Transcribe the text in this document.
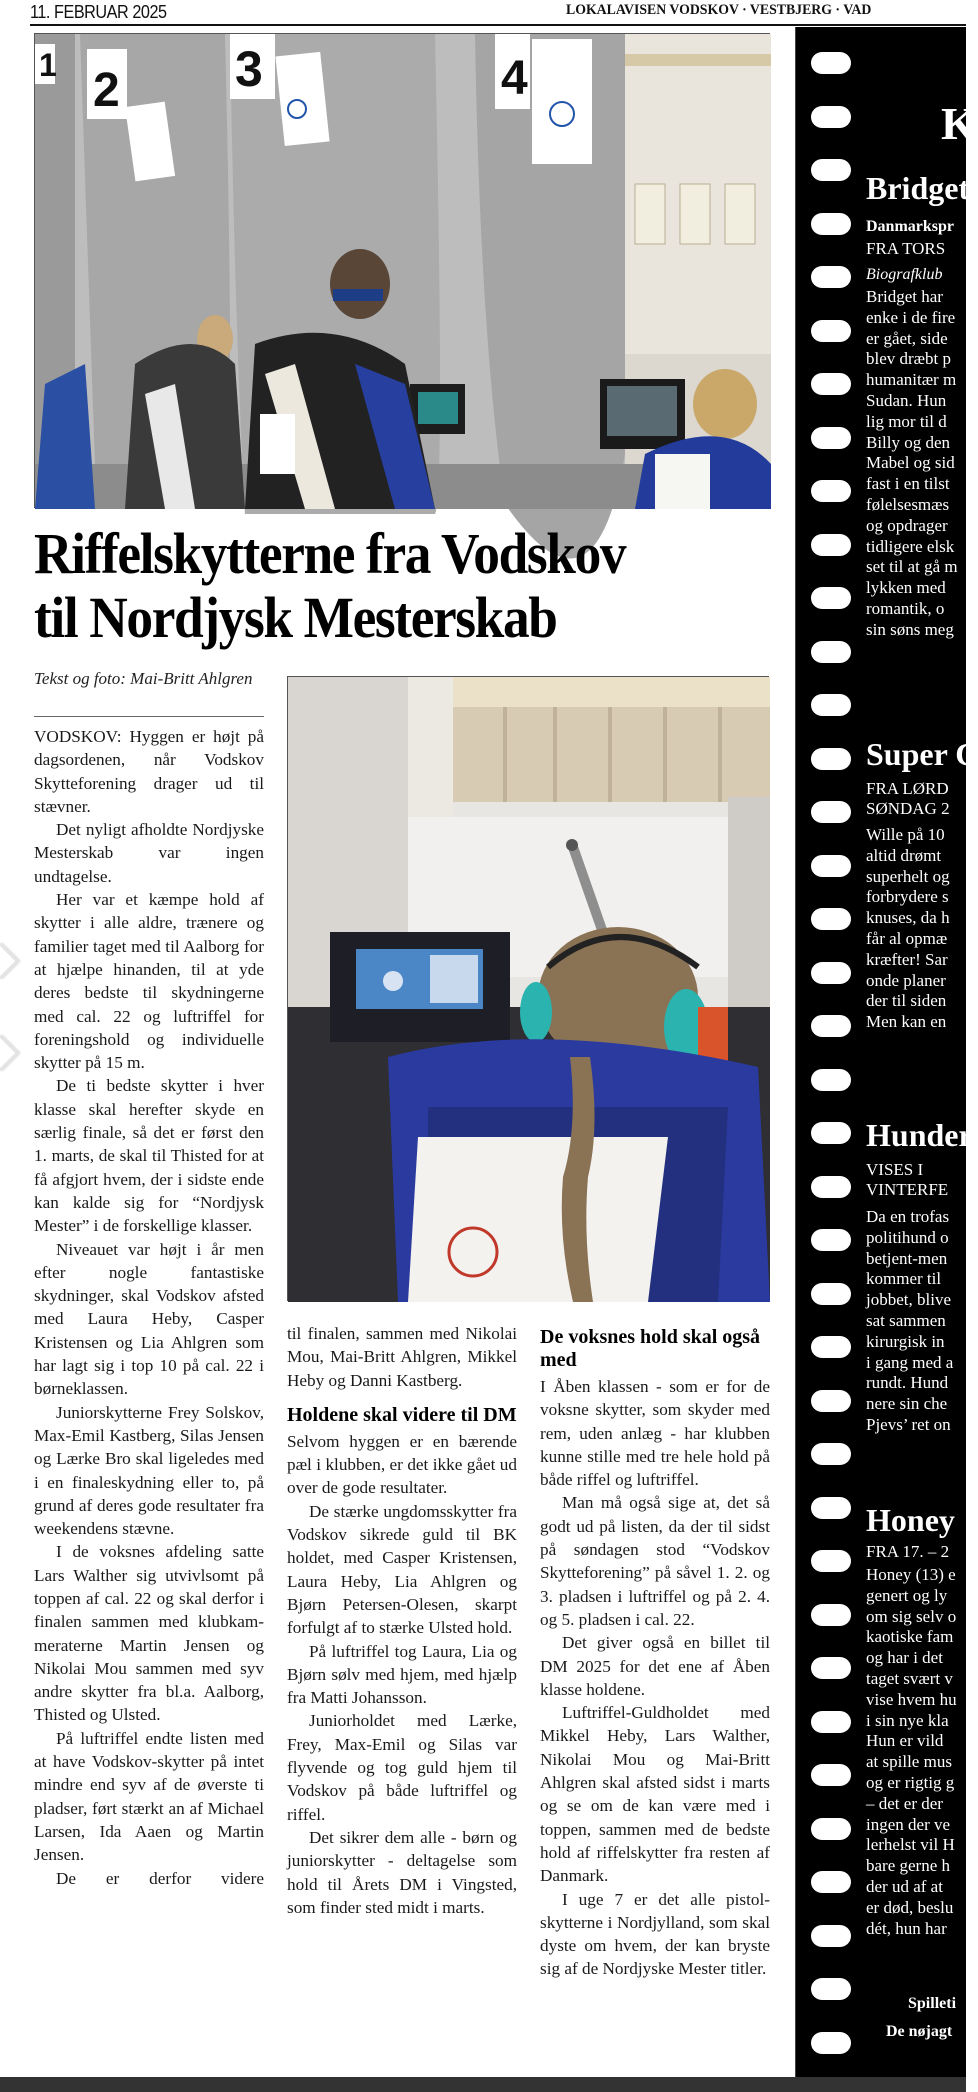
11. FEBRUAR 2025	LOKALAVISEN VODSKOV · VESTBJERG · VAD
1 2 3	4
Riffelskytterne fra Vodskov
til Nordjysk Mesterskab
Tekst og foto: Mai-Britt Ahlgren

VODSKOV: Hyggen er højt på dagsordenen, når Vodskov Skytteforening drager ud til stævner.

Det nyligt afholdte Nordjyske Mesterskab var ingen undtagelse.

Her var et kæmpe hold af skytter i alle aldre, trænere og familier taget med til Aalborg for at hjælpe hinanden, til at yde deres bedste til skydningerne med cal. 22 og luftriffel for foreningshold og individuelle skytter på 15 m.

De ti bedste skytter i hver klasse skal herefter skyde en særlig finale, så det er først den 1. marts, de skal til Thisted for at få afgjort hvem, der i sidste ende kan kalde sig for “Nordjysk Mester” i de forskellige klasser.

Niveauet var højt i år men efter nogle fantastiske skydninger, skal Vodskov afsted med Laura Heby, Casper Kristensen og Lia Ahlgren som har lagt sig i top 10 på cal. 22 i børneklassen.

Juniorskytterne Frey Solskov, Max-Emil Kastberg, Silas Jensen og Lærke Bro skal ligeledes med i en finaleskydning eller to, på grund af deres gode resultater fra weekendens stævne.

I de voksnes afdeling satte Lars Walther sig utvivlsomt på toppen af cal. 22 og skal derfor i finalen sammen med klubkammeraterne Martin Jensen og Nikolai Mou sammen med syv andre skytter fra bl.a. Aalborg, Thisted og Ulsted.

På luftriffel endte listen med at have Vodskov-skytter på intet mindre end syv af de øverste ti pladser, ført stærkt an af Michael Larsen, Ida Aaen og Martin Jensen.

De er derfor videre

til finalen, sammen med Nikolai Mou, Mai-Britt Ahlgren, Mikkel Heby og Danni Kastberg.

Holdene skal videre til DM

Selvom hyggen er en bærende pæl i klubben, er det ikke gået ud over de gode resultater.

De stærke ungdomsskytter fra Vodskov sikrede guld til BK holdet, med Casper Kristensen, Laura Heby, Lia Ahlgren og Bjørn Petersen-Olesen, skarpt forfulgt af to stærke Ulsted hold.

På luftriffel tog Laura, Lia og Bjørn sølv med hjem, med hjælp fra Matti Johansson.

Juniorholdet med Lærke, Frey, Max-Emil og Silas var flyvende og tog guld hjem til Vodskov på både luftriffel og riffel.

Det sikrer dem alle - børn og juniorskytter - deltagelse som hold til Årets DM i Vingsted, som finder sted midt i marts.

De voksnes hold skal også med

I Åben klassen - som er for de voksne skytter, som skyder med rem, uden anlæg - har klubben kunne stille med tre hele hold på både riffel og luftriffel.

Man må også sige at, det så godt ud på listen, da der til sidst på søndagen stod “Vodskov Skytteforening” på såvel 1. 2. og 3. pladsen i luftriffel og på 2. 4. og 5. pladsen i cal. 22.

Det giver også en billet til DM 2025 for det ene af Åben klasse holdene.

Luftriffel-Guldholdet med Mikkel Heby, Lars Walther, Nikolai Mou og Mai-Britt Ahlgren skal afsted sidst i marts og se om de kan være med i toppen, sammen med de bedste hold af riffelskytter fra resten af Danmark.

I uge 7 er det alle pistolskytterne i Nordjylland, som skal dyste om hvem, der kan bryste sig af de Nordjyske Mester titler.

K
Bridget
Danmarkspr
FRA TORS
Biografklub
Bridget har
enke i de fire
er gået, side
blev dræbt p
humanitær m
Sudan. Hun
lig mor til d
Billy og den
Mabel og sid
fast i en tilst
følelsesmæs
og opdrager
tidligere elsk
set til at gå m
lykken med
romantik, o
sin søns meg
Super C
FRA LØRD
SØNDAG 2
Wille på 10
altid drømt
superhelt og
forbrydere s
knuses, da h
får al opmæ
kræfter! Sar
onde planer
der til siden
Men kan en
Hunder
VISES I
VINTERFE
Da en trofas
politihund o
betjent-men
kommer til
jobbet, blive
sat sammen
kirurgisk in
i gang med a
rundt. Hund
nere sin che
Pjevs’ ret on
Honey
FRA 17. – 2
Honey (13) e
genert og ly
om sig selv o
kaotiske fam
og har i det
taget svært v
vise hvem hu
i sin nye kla
Hun er vild
at spille mus
og er rigtig g
– det er der
ingen der ve
lerhelst vil H
bare gerne h
der ud af at
er død, beslu
dét, hun har
Spilleti
De nøjagt
